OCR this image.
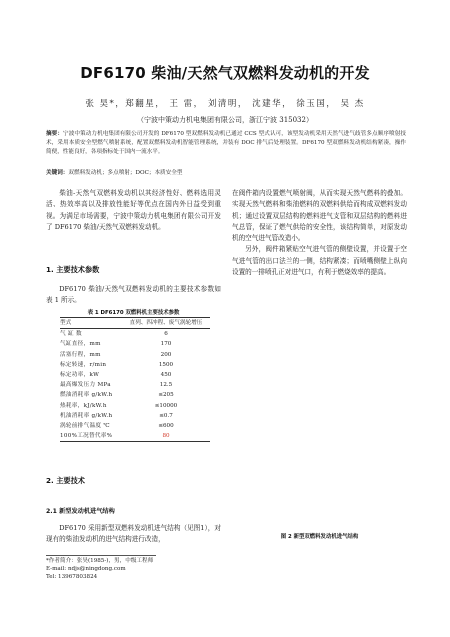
DF6170 柴油/天然气双燃料发动机的开发
张 昊*，郑翻星， 王 雷， 刘清明， 沈建华， 徐玉国， 吴 杰
（宁波中策动力机电集团有限公司，浙江宁波 315032）
摘要：宁波中策动力机电集团有限公司开发的 DF6170 型双燃料发动机已通过 CCS 型式认可，该型发动机采用天然气进气歧管多点顺序喷射技术，采用本质安全型燃气喷射系统，配置双燃料发动机智能管理系统，并装有 DOC 排气后处理装置。DF6170 型双燃料发动机结构紧凑，操作简便，性能良好，各项指标处于国内一流水平。
关键词：双燃料发动机；多点喷射；DOC；本质安全型

柴油-天然气双燃料发动机以其经济性好、燃料选用灵活、热效率高以及排放性能好等优点在国内外日益受到重视。为满足市场需要，宁波中策动力机电集团有限公司开发了 DF6170 柴油/天然气双燃料发动机。

在阀件箱内设置燃气喷射阀，从而实现天然气燃料的叠加。实现天然气燃料和柴油燃料的双燃料供给而构成双燃料发动机；通过设置双层结构的燃料进气支管和双层结构的燃料进气总管，保证了燃气供给的安全性，该结构简单，对原发动机的空气进气管改造小。

另外，阀件箱紧贴空气进气管的侧壁设置，并设置于空气进气管的出口法兰的一侧，结构紧凑；而喷嘴侧壁上纵向设置的一排喷孔正对进气口，有利于燃烧效率的提高。

1. 主要技术参数

DF6170 柴油/天然气双燃料发动机的主要技术参数如表 1 所示。

表 1 DF6170 双燃料机主要技术参数
型式	直列、四冲程、废气涡轮增压
气 缸 数	6
气缸直径，mm	170
活塞行程，mm	200
标定转速，r/min	1500
标定功率，kW	450
最高爆发压力 MPa	12.5
燃油消耗率 g/kW.h	≤205
热耗率，kJ/kW.h	≤10000
机油消耗率 g/kW.h	≤0.7
涡轮前排气温度 ℃	≤600
100%工况替代率%	80
2. 主要技术
2.1 新型发动机进气结构

DF6170 采用新型双燃料发动机进气结构（见图1），对现有的柴油发动机的进气结构进行改造，	图 2 新型双燃料发动机进气结构
*作者简介：张昊(1985-)，男，中级工程师
E-mail: ndjs@ningdong.com
Tel: 13967803824
